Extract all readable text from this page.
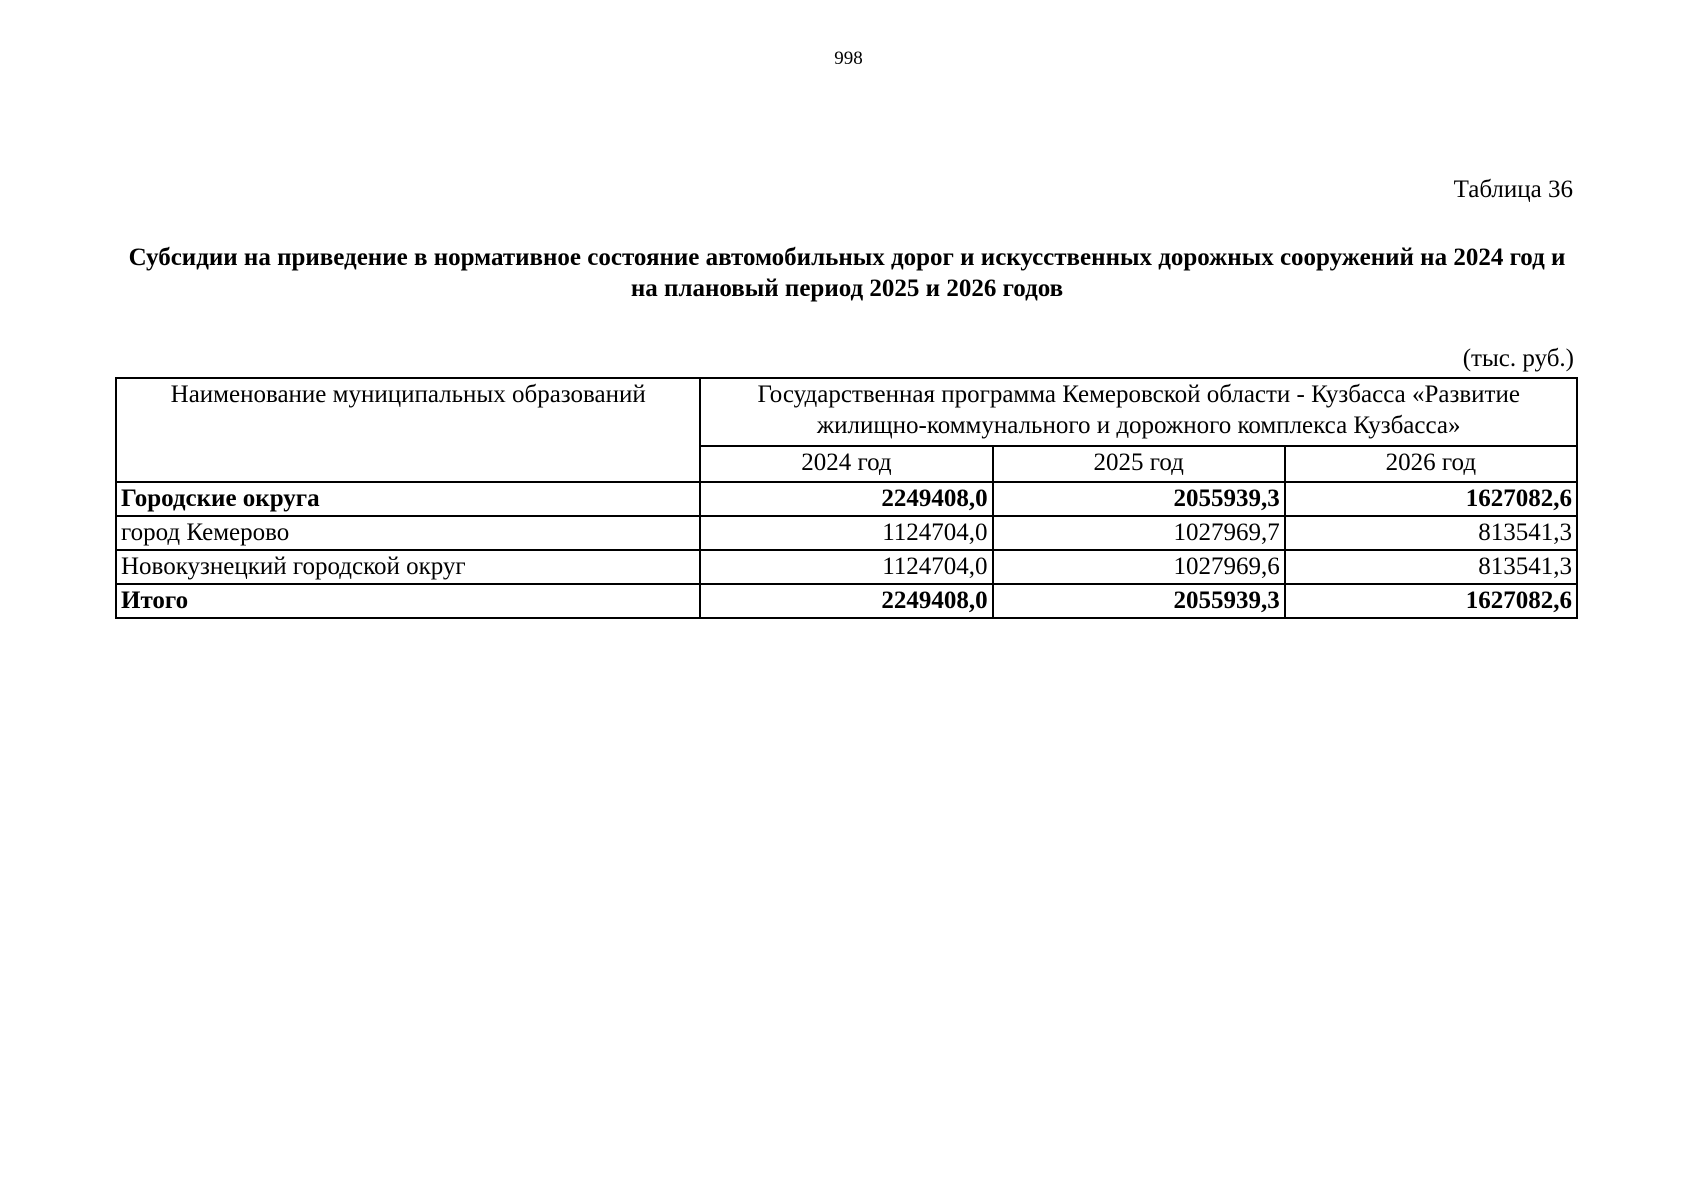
998
Таблица 36
Субсидии на приведение в нормативное состояние автомобильных дорог и искусственных дорожных сооружений на 2024 год и на плановый период 2025 и 2026 годов
(тыс. руб.)
Наименование муниципальных образований	Государственная программа Кемеровской области - Кузбасса «Развитие жилищно-коммунального и дорожного комплекса Кузбасса»		
	2024 год	2025 год	2026 год
Городские округа	2249408,0	2055939,3	1627082,6
город Кемерово	1124704,0	1027969,7	813541,3
Новокузнецкий городской округ	1124704,0	1027969,6	813541,3
Итого	2249408,0	2055939,3	1627082,6
